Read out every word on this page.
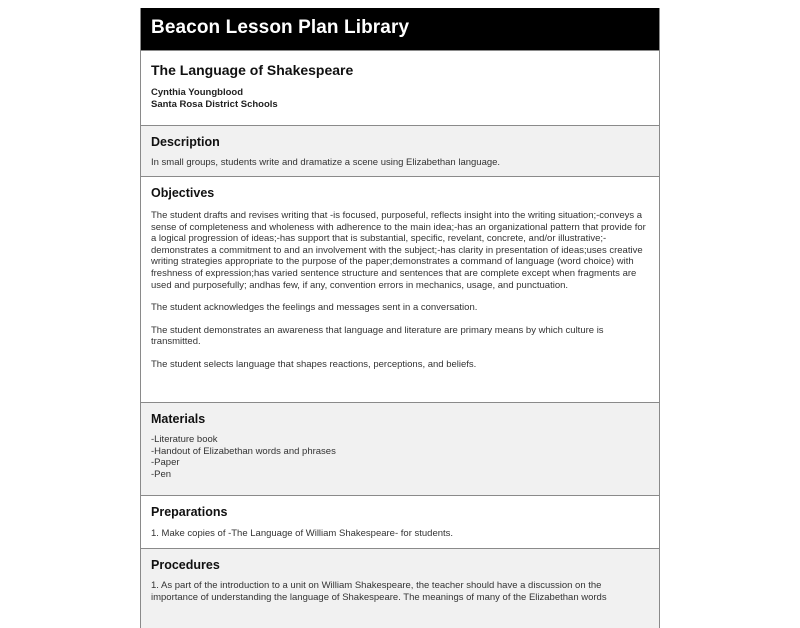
Beacon Lesson Plan Library
The Language of Shakespeare
Cynthia Youngblood
Santa Rosa District Schools
Description

In small groups, students write and dramatize a scene using Elizabethan language.

Objectives

The student drafts and revises writing that -is focused, purposeful, reflects insight into the writing situation;-conveys a sense of completeness and wholeness with adherence to the main idea;-has an organizational pattern that provide for a logical progression of ideas;-has support that is substantial, specific, revelant, concrete, and/or illustrative;-demonstrates a commitment to and an involvement with the subject;-has clarity in presentation of ideas;uses creative writing strategies appropriate to the purpose of the paper;demonstrates a command of language (word choice) with freshness of expression;has varied sentence structure and sentences that are complete except when fragments are used and purposefully; andhas few, if any, convention errors in mechanics, usage, and punctuation.

The student acknowledges the feelings and messages sent in a conversation.

The student demonstrates an awareness that language and literature are primary means by which culture is transmitted.

The student selects language that shapes reactions, perceptions, and beliefs.

Materials
-Literature book
-Handout of Elizabethan words and phrases
-Paper
-Pen
Preparations

1. Make copies of -The Language of William Shakespeare- for students.

Procedures

1. As part of the introduction to a unit on William Shakespeare, the teacher should have a discussion on the importance of understanding the language of Shakespeare. The meanings of many of the Elizabethan words
